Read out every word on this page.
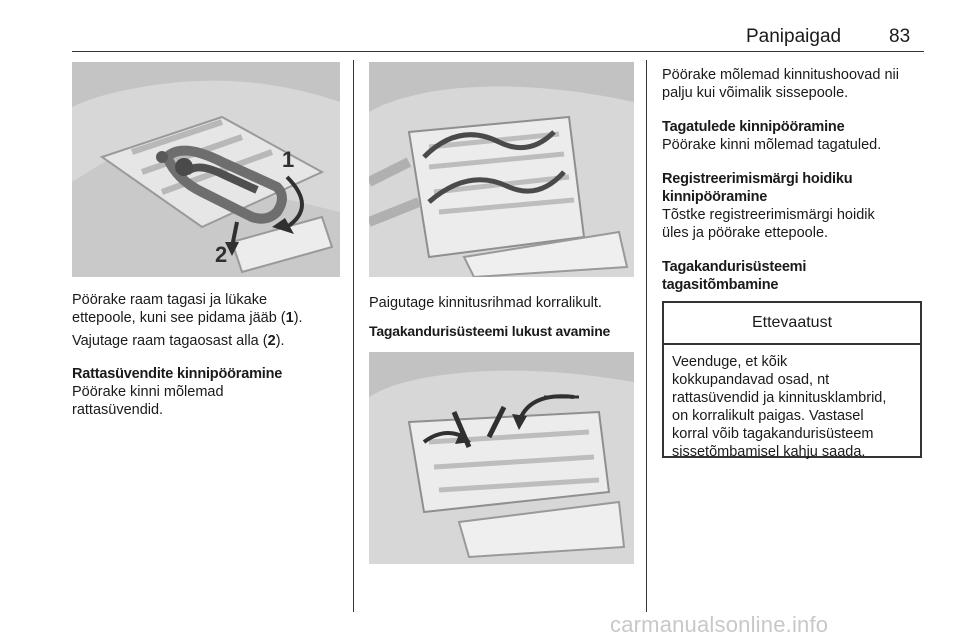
Panipaigad	83
1
2

Pöörake raam tagasi ja lükake
ettepoole, kuni see pidama jääb (1).

Vajutage raam tagaosast alla (2).

Rattasüvendite kinnipööramine

Pöörake kinni mõlemad
rattasüvendid.

Paigutage kinnitusrihmad korralikult.

Tagakandurisüsteemi lukust avamine

Pöörake mõlemad kinnitushoovad nii
palju kui võimalik sissepoole.

Tagatulede kinnipööramine

Pöörake kinni mõlemad tagatuled.

Registreerimismärgi hoidiku
kinnipööramine

Tõstke registreerimismärgi hoidik
üles ja pöörake ettepoole.

Tagakandurisüsteemi
tagasitõmbamine

Ettevaatust
Veenduge, et kõik
kokkupandavad osad, nt
rattasüvendid ja kinnitusklambrid,
on korralikult paigas. Vastasel
korral võib tagakandurisüsteem
sissetõmbamisel kahju saada.
carmanualsonline.info
